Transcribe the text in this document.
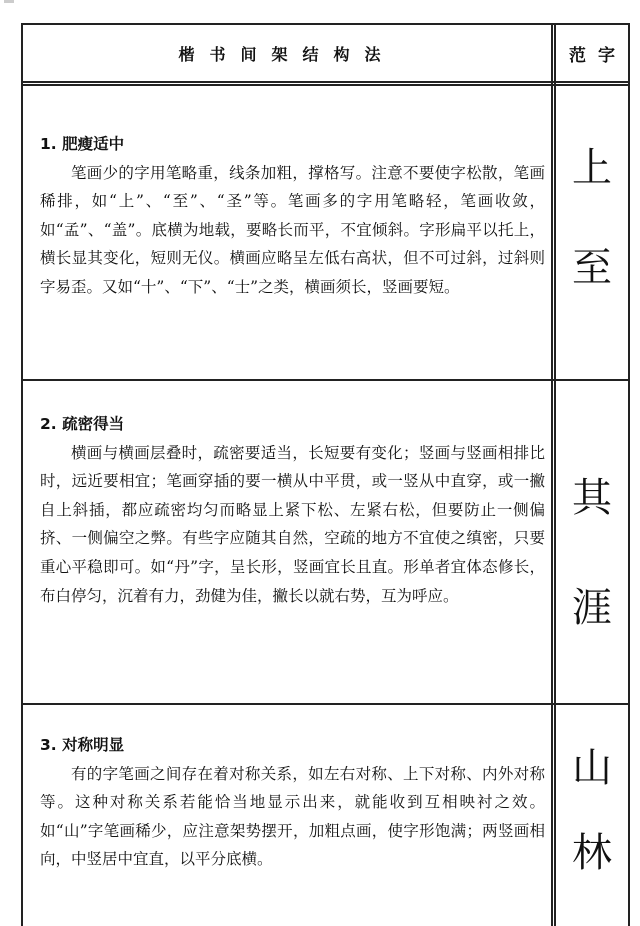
楷书间架结构法	范字
1. 肥瘦适中

笔画少的字用笔略重，线条加粗，撑格写。注意不要使字松散，笔画稀排，如“上”、“至”、“圣”等。笔画多的字用笔略轻，笔画收敛，如“孟”、“盖”。底横为地载，要略长而平，不宜倾斜。字形扁平以托上，横长显其变化，短则无仪。横画应略呈左低右高状，但不可过斜，过斜则字易歪。又如“十”、“下”、“士”之类，横画须长，竖画要短。

上
至
2. 疏密得当

横画与横画层叠时，疏密要适当，长短要有变化；竖画与竖画相排比时，远近要相宜；笔画穿插的要一横从中平贯，或一竖从中直穿，或一撇自上斜插，都应疏密均匀而略显上紧下松、左紧右松，但要防止一侧偏挤、一侧偏空之弊。有些字应随其自然，空疏的地方不宜使之缜密，只要重心平稳即可。如“丹”字，呈长形，竖画宜长且直。形单者宜体态修长，布白停匀，沉着有力，劲健为佳，撇长以就右势，互为呼应。

其
涯
3. 对称明显

有的字笔画之间存在着对称关系，如左右对称、上下对称、内外对称等。这种对称关系若能恰当地显示出来，就能收到互相映衬之效。如“山”字笔画稀少，应注意架势摆开，加粗点画，使字形饱满；两竖画相向，中竖居中宜直，以平分底横。

山
林
